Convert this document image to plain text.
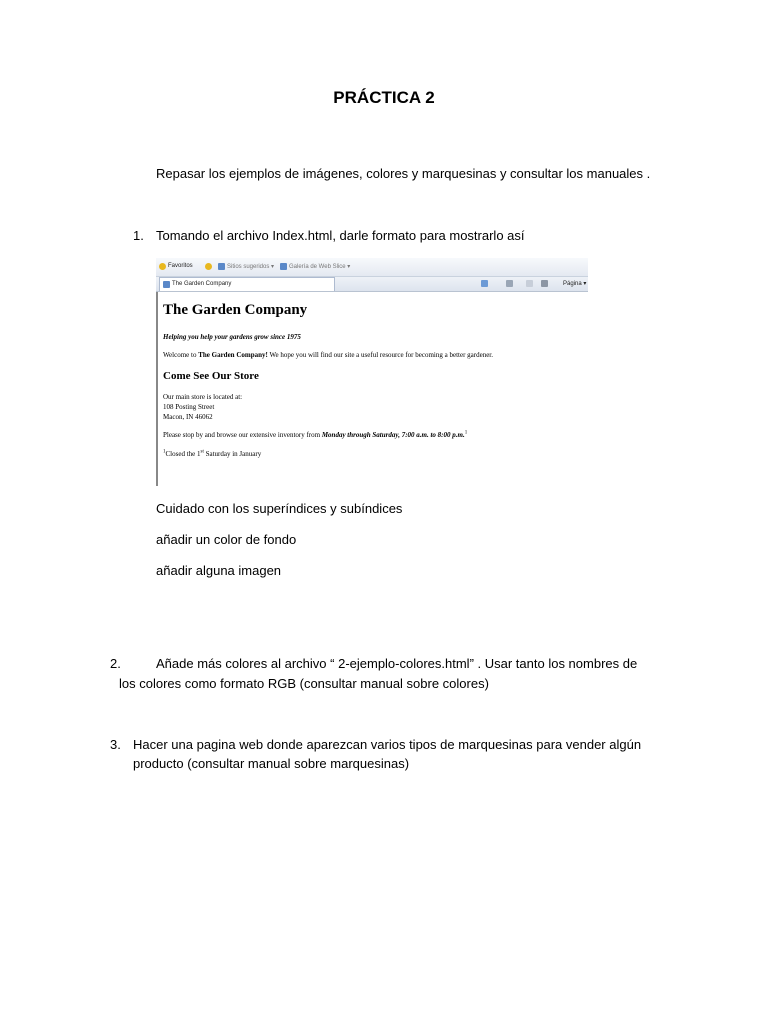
PRÁCTICA 2
Repasar los ejemplos de imágenes, colores y marquesinas y consultar los manuales .
1. Tomando el archivo Index.html, darle formato para mostrarlo así
Favoritos	Sitios sugeridos ▾ Galería de Web Slice ▾
Página ▾
The Garden Company
The Garden Company
Helping you help your gardens grow since 1975
Welcome to The Garden Company! We hope you will find our site a useful resource for becoming a better gardener.
Come See Our Store
Our main store is located at:
108 Posting Street
Macon, IN 46062
Please stop by and browse our extensive inventory from Monday through Saturday, 7:00 a.m. to 8:00 p.m.$^1$
$^1$Closed the 1st Saturday in January
Cuidado con los superíndices y subíndices
añadir un color de fondo
añadir alguna imagen
2.	Añade más colores al archivo “ 2-ejemplo-colores.html” . Usar tanto los nombres de
los colores como formato RGB (consultar manual sobre colores)
3. Hacer una pagina web donde aparezcan varios tipos de marquesinas para vender algún
producto (consultar manual sobre marquesinas)
